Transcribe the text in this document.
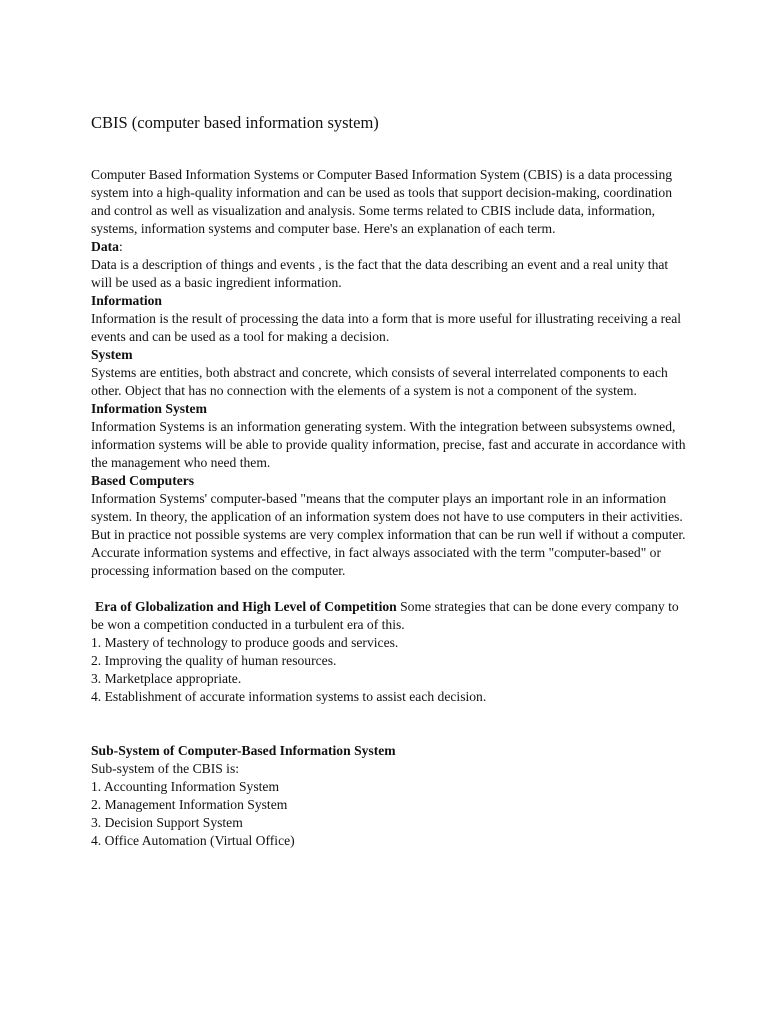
CBIS (computer based information system)

Computer Based Information Systems or Computer Based Information System (CBIS) is a data processing system into a high-quality information and can be used as tools that support decision-making, coordination and control as well as visualization and analysis. Some terms related to CBIS include data, information, systems, information systems and computer base. Here's an explanation of each term.

Data:

Data is a description of things and events , is the fact that the data describing an event and a real unity that will be used as a basic ingredient information.

Information

Information is the result of processing the data into a form that is more useful for illustrating receiving a real events and can be used as a tool for making a decision.

System

Systems are entities, both abstract and concrete, which consists of several interrelated components to each other. Object that has no connection with the elements of a system is not a component of the system.

Information System

Information Systems is an information generating system. With the integration between subsystems owned, information systems will be able to provide quality information, precise, fast and accurate in accordance with the management who need them.

Based Computers

Information Systems' computer-based "means that the computer plays an important role in an information system. In theory, the application of an information system does not have to use computers in their activities. But in practice not possible systems are very complex information that can be run well if without a computer. Accurate information systems and effective, in fact always associated with the term "computer-based" or processing information based on the computer.

Era of Globalization and High Level of Competition Some strategies that can be done every company to be won a competition conducted in a turbulent era of this.

1. Mastery of technology to produce goods and services.
2. Improving the quality of human resources.
3. Marketplace appropriate.
4. Establishment of accurate information systems to assist each decision.

Sub-System of Computer-Based Information System

Sub-system of the CBIS is:

1. Accounting Information System
2. Management Information System
3. Decision Support System
4. Office Automation (Virtual Office)
